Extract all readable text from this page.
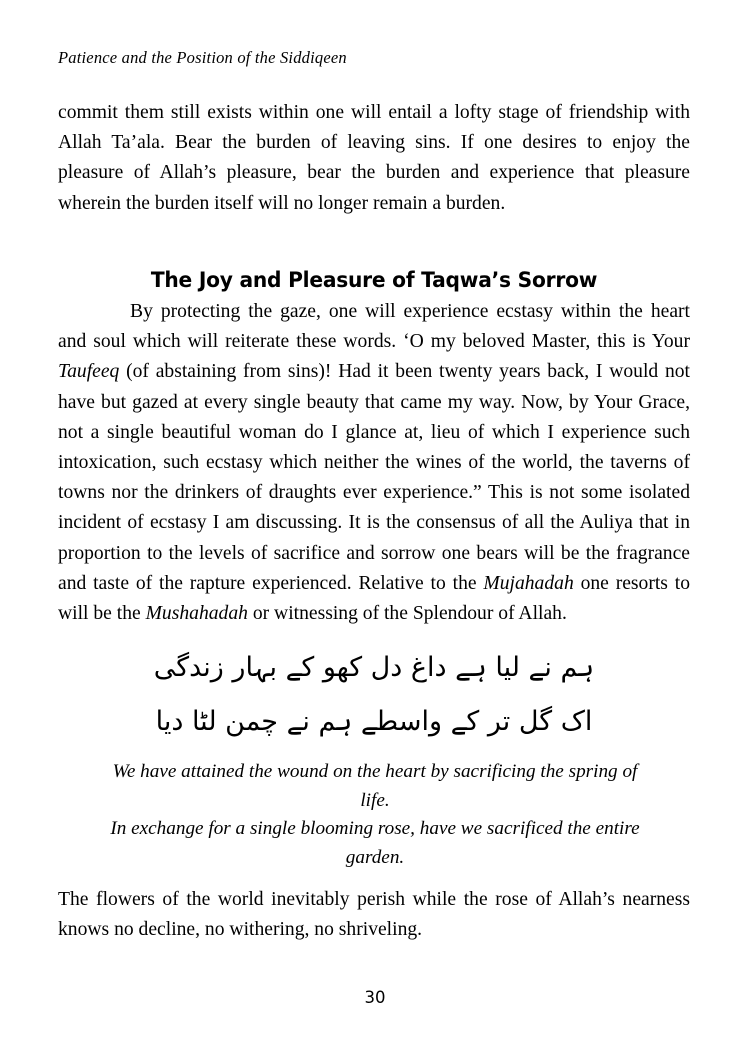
Patience and the Position of the Siddiqeen
commit them still exists within one will entail a lofty stage of friendship with Allah Ta’ala. Bear the burden of leaving sins. If one desires to enjoy the pleasure of Allah’s pleasure, bear the burden and experience that pleasure wherein the burden itself will no longer remain a burden.
The Joy and Pleasure of Taqwa’s Sorrow
By protecting the gaze, one will experience ecstasy within the heart and soul which will reiterate these words. ‘O my beloved Master, this is Your Taufeeq (of abstaining from sins)! Had it been twenty years back, I would not have but gazed at every single beauty that came my way. Now, by Your Grace, not a single beautiful woman do I glance at, lieu of which I experience such intoxication, such ecstasy which neither the wines of the world, the taverns of towns nor the drinkers of draughts ever experience.” This is not some isolated incident of ecstasy I am discussing. It is the consensus of all the Auliya that in proportion to the levels of sacrifice and sorrow one bears will be the fragrance and taste of the rapture experienced. Relative to the Mujahadah one resorts to will be the Mushahadah or witnessing of the Splendour of Allah.
ہم نے لیا ہے داغ دل کھو کے بہار زندگی
اک گل تر کے واسطے ہم نے چمن لٹا دیا
We have attained the wound on the heart by sacrificing the spring of
life.
In exchange for a single blooming rose, have we sacrificed the entire
garden.
The flowers of the world inevitably perish while the rose of Allah’s nearness knows no decline, no withering, no shriveling.
30
